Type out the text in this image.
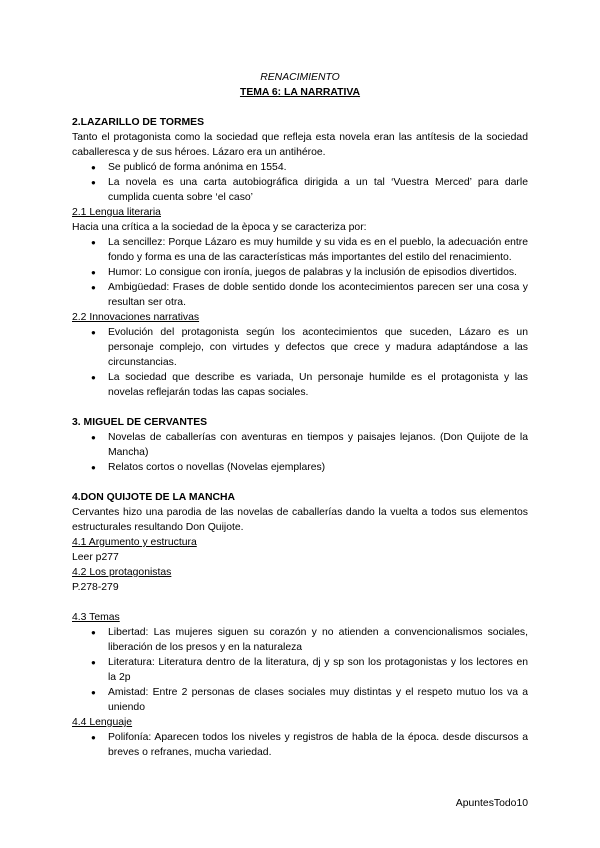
RENACIMIENTO
TEMA 6: LA NARRATIVA
2.LAZARILLO DE TORMES

Tanto el protagonista como la sociedad que refleja esta novela eran las antítesis de la sociedad caballeresca y de sus héroes. Lázaro era un antihéroe.

● Se publicó de forma anónima en 1554.
● La novela es una carta autobiográfica dirigida a un tal ‘Vuestra Merced’ para darle cumplida cuenta sobre ‘el caso’
2.1 Lengua literaria

Hacia una crítica a la sociedad de la època y se caracteriza por:

● La sencillez: Porque Lázaro es muy humilde y su vida es en el pueblo, la adecuación entre fondo y forma es una de las características más importantes del estilo del renacimiento.
● Humor: Lo consigue con ironía, juegos de palabras y la inclusión de episodios divertidos.
● Ambigüedad: Frases de doble sentido donde los acontecimientos parecen ser una cosa y resultan ser otra.
2.2 Innovaciones narrativas
● Evolución del protagonista según los acontecimientos que suceden, Lázaro es un personaje complejo, con virtudes y defectos que crece y madura adaptándose a las circunstancias.
● La sociedad que describe es variada, Un personaje humilde es el protagonista y las novelas reflejarán todas las capas sociales.
3. MIGUEL DE CERVANTES
● Novelas de caballerías con aventuras en tiempos y paisajes lejanos. (Don Quijote de la Mancha)
● Relatos cortos o novellas (Novelas ejemplares)
4.DON QUIJOTE DE LA MANCHA

Cervantes hizo una parodia de las novelas de caballerías dando la vuelta a todos sus elementos estructurales resultando Don Quijote.

4.1 Argumento y estructura

Leer p277

4.2 Los protagonistas

P.278-279

4.3 Temas
● Libertad: Las mujeres siguen su corazón y no atienden a convencionalismos sociales, liberación de los presos y en la naturaleza
● Literatura: Literatura dentro de la literatura, dj y sp son los protagonistas y los lectores en la 2p
● Amistad: Entre 2 personas de clases sociales muy distintas y el respeto mutuo los va a uniendo
4.4 Lenguaje
● Polifonía: Aparecen todos los niveles y registros de habla de la época. desde discursos a breves o refranes, mucha variedad.
ApuntesTodo10
